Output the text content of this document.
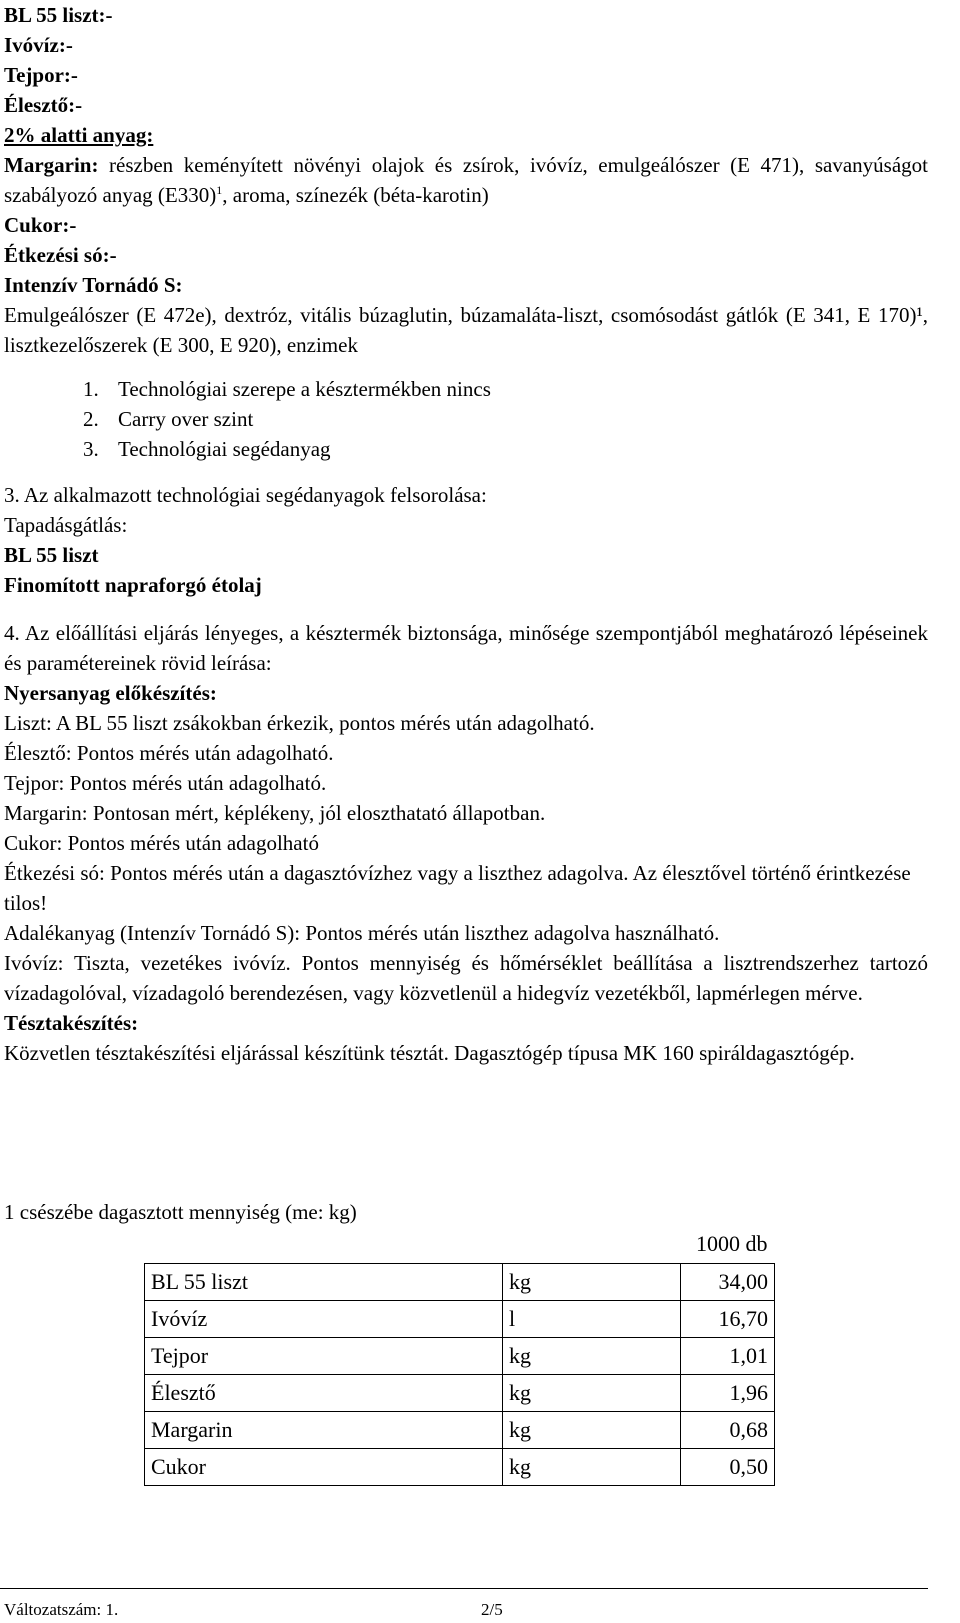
BL 55 liszt:-
Ivóvíz:-
Tejpor:-
Élesztő:-
2% alatti anyag:
Margarin: részben keményített növényi olajok és zsírok, ivóvíz, emulgeálószer (E 471), savanyúságot szabályozó anyag $(E330)^1$, aroma, színezék (béta-karotin)
Cukor:-
Étkezési só:-
Intenzív Tornádó S:
Emulgeálószer (E 472e), dextróz, vitális búzaglutin, búzamaláta-liszt, csomósodást gátlók (E 341, E 170)¹, lisztkezelőszerek (E 300, E 920), enzimek
1. Technológiai szerepe a késztermékben nincs
2. Carry over szint
3. Technológiai segédanyag
3. Az alkalmazott technológiai segédanyagok felsorolása:
Tapadásgátlás:
BL 55 liszt
Finomított napraforgó étolaj
4. Az előállítási eljárás lényeges, a késztermék biztonsága, minősége szempontjából meghatározó lépéseinek és paramétereinek rövid leírása:
Nyersanyag előkészítés:
Liszt: A BL 55 liszt zsákokban érkezik, pontos mérés után adagolható.
Élesztő: Pontos mérés után adagolható.
Tejpor: Pontos mérés után adagolható.
Margarin: Pontosan mért, képlékeny, jól eloszthatató állapotban.
Cukor: Pontos mérés után adagolható
Étkezési só: Pontos mérés után a dagasztóvízhez vagy a liszthez adagolva. Az élesztővel történő érintkezése tilos!
Adalékanyag (Intenzív Tornádó S): Pontos mérés után liszthez adagolva használható.
Ivóvíz: Tiszta, vezetékes ivóvíz. Pontos mennyiség és hőmérséklet beállítása a lisztrendszerhez tartozó vízadagolóval, vízadagoló berendezésen, vagy közvetlenül a hidegvíz vezetékből, lapmérlegen mérve.
Tésztakészítés:
Közvetlen tésztakészítési eljárással készítünk tésztát. Dagasztógép típusa MK 160 spiráldagasztógép.
1 csészébe dagasztott mennyiség (me: kg)
1000 db
BL 55 liszt	kg	34,00
Ivóvíz	l	16,70
Tejpor	kg	1,01
Élesztő	kg	1,96
Margarin	kg	0,68
Cukor	kg	0,50
Változatszám: 1.	2/5
